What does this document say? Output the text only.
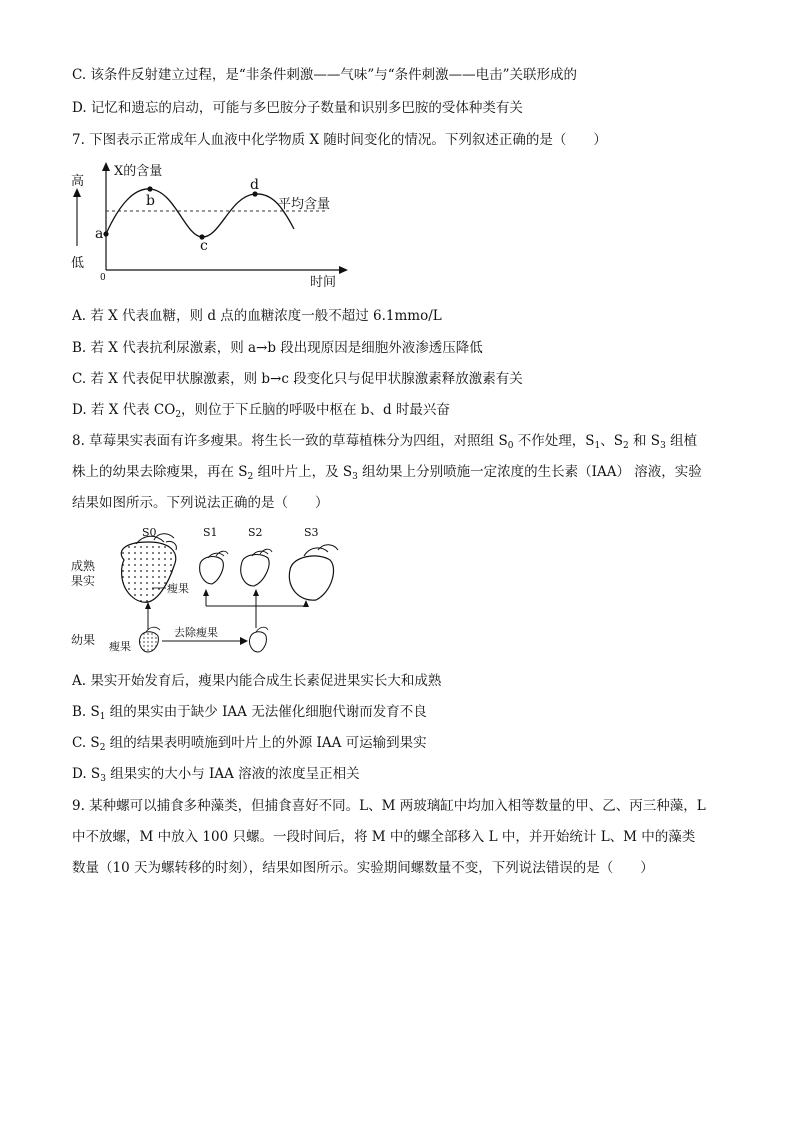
C. 该条件反射建立过程，是“非条件刺激——气味”与“条件刺激——电击”关联形成的
D. 记忆和遗忘的启动，可能与多巴胺分子数量和识别多巴胺的受体种类有关
7. 下图表示正常成年人血液中化学物质 X 随时间变化的情况。下列叙述正确的是（　　）
X的含量
高
低
0	时间
平均含量
a
b
c
d
A. 若 X 代表血糖，则 d 点的血糖浓度一般不超过 6.1mmo/L
B. 若 X 代表抗利尿激素，则 a→b 段出现原因是细胞外液渗透压降低
C. 若 X 代表促甲状腺激素，则 b→c 段变化只与促甲状腺激素释放激素有关
D. 若 X 代表 $CO_2$，则位于下丘脑的呼吸中枢在 b、d 时最兴奋
8. 草莓果实表面有许多瘦果。将生长一致的草莓植株分为四组，对照组 $S_0$ 不作处理，$S_1$、$S_2$ 和 $S_3$ 组植
株上的幼果去除瘦果，再在 $S_2$ 组叶片上，及 $S_3$ 组幼果上分别喷施一定浓度的生长素（IAA） 溶液，实验
结果如图所示。下列说法正确的是（　　）
S0	S1	S2	S3
成熟
果实
幼果
瘦果
瘦果
去除瘦果
A. 果实开始发育后，瘦果内能合成生长素促进果实长大和成熟
B. $S_1$ 组的果实由于缺少 IAA 无法催化细胞代谢而发育不良
C. $S_2$ 组的结果表明喷施到叶片上的外源 IAA 可运输到果实
D. $S_3$ 组果实的大小与 IAA 溶液的浓度呈正相关
9. 某种螺可以捕食多种藻类，但捕食喜好不同。L、M 两玻璃缸中均加入相等数量的甲、乙、丙三种藻，L
中不放螺，M 中放入 100 只螺。一段时间后，将 M 中的螺全部移入 L 中，并开始统计 L、M 中的藻类
数量（10 天为螺转移的时刻），结果如图所示。实验期间螺数量不变，下列说法错误的是（　　）
